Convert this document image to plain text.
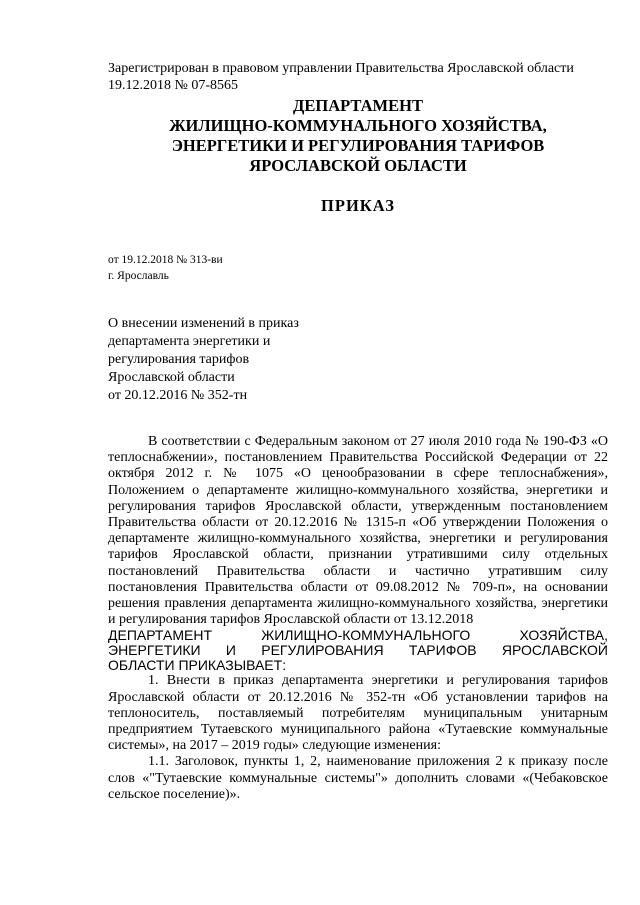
Зарегистрирован в правовом управлении Правительства Ярославской области
19.12.2018 № 07-8565
ДЕПАРТАМЕНТ
ЖИЛИЩНО-КОММУНАЛЬНОГО ХОЗЯЙСТВА,
ЭНЕРГЕТИКИ И РЕГУЛИРОВАНИЯ ТАРИФОВ
ЯРОСЛАВСКОЙ ОБЛАСТИ
ПРИКАЗ
от 19.12.2018 № 313-ви
г. Ярославль
О внесении изменений в приказ
департамента энергетики и
регулирования тарифов
Ярославской области
от 20.12.2016 № 352-тн

В соответствии с Федеральным законом от 27 июля 2010 года № 190-ФЗ «О теплоснабжении», постановлением Правительства Российской Федерации от 22 октября 2012 г. № 1075 «О ценообразовании в сфере теплоснабжения», Положением о департаменте жилищно-коммунального хозяйства, энергетики и регулирования тарифов Ярославской области, утвержденным постановлением Правительства области от 20.12.2016 № 1315-п «Об утверждении Положения о департаменте жилищно-коммунального хозяйства, энергетики и регулирования тарифов Ярославской области, признании утратившими силу отдельных постановлений Правительства области и частично утратившим силу постановления Правительства области от 09.08.2012 № 709-п», на основании решения правления департамента жилищно-коммунального хозяйства, энергетики и регулирования тарифов Ярославской области от 13.12.2018

ДЕПАРТАМЕНТ ЖИЛИЩНО-КОММУНАЛЬНОГО ХОЗЯЙСТВА,
ЭНЕРГЕТИКИ И РЕГУЛИРОВАНИЯ ТАРИФОВ ЯРОСЛАВСКОЙ
ОБЛАСТИ ПРИКАЗЫВАЕТ:

1. Внести в приказ департамента энергетики и регулирования тарифов Ярославской области от 20.12.2016 № 352-тн «Об установлении тарифов на теплоноситель, поставляемый потребителям муниципальным унитарным предприятием Тутаевского муниципального района «Тутаевские коммунальные системы», на 2017 – 2019 годы» следующие изменения:

1.1. Заголовок, пункты 1, 2, наименование приложения 2 к приказу после слов «"Тутаевские коммунальные системы"» дополнить словами «(Чебаковское сельское поселение)».
